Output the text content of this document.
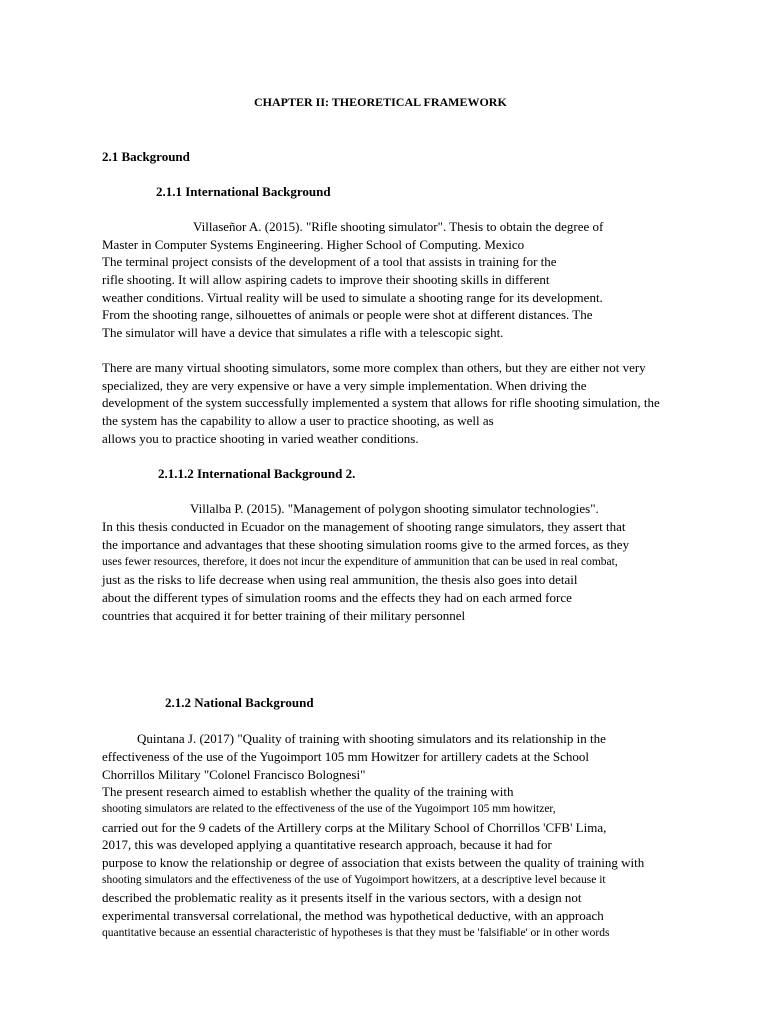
CHAPTER II: THEORETICAL FRAMEWORK
2.1 Background
2.1.1 International Background
Villaseñor A. (2015). "Rifle shooting simulator". Thesis to obtain the degree of
Master in Computer Systems Engineering. Higher School of Computing. Mexico
The terminal project consists of the development of a tool that assists in training for the
rifle shooting. It will allow aspiring cadets to improve their shooting skills in different
weather conditions. Virtual reality will be used to simulate a shooting range for its development.
From the shooting range, silhouettes of animals or people were shot at different distances. The
The simulator will have a device that simulates a rifle with a telescopic sight.
There are many virtual shooting simulators, some more complex than others, but they are either not very
specialized, they are very expensive or have a very simple implementation. When driving the
development of the system successfully implemented a system that allows for rifle shooting simulation, the
the system has the capability to allow a user to practice shooting, as well as
allows you to practice shooting in varied weather conditions.
2.1.1.2 International Background 2.
Villalba P. (2015). "Management of polygon shooting simulator technologies".
In this thesis conducted in Ecuador on the management of shooting range simulators, they assert that
the importance and advantages that these shooting simulation rooms give to the armed forces, as they
uses fewer resources, therefore, it does not incur the expenditure of ammunition that can be used in real combat,
just as the risks to life decrease when using real ammunition, the thesis also goes into detail
about the different types of simulation rooms and the effects they had on each armed force
countries that acquired it for better training of their military personnel
2.1.2 National Background
Quintana J. (2017) "Quality of training with shooting simulators and its relationship in the
effectiveness of the use of the Yugoimport 105 mm Howitzer for artillery cadets at the School
Chorrillos Military "Colonel Francisco Bolognesi"
The present research aimed to establish whether the quality of the training with
shooting simulators are related to the effectiveness of the use of the Yugoimport 105 mm howitzer,
carried out for the 9 cadets of the Artillery corps at the Military School of Chorrillos 'CFB' Lima,
2017, this was developed applying a quantitative research approach, because it had for
purpose to know the relationship or degree of association that exists between the quality of training with
shooting simulators and the effectiveness of the use of Yugoimport howitzers, at a descriptive level because it
described the problematic reality as it presents itself in the various sectors, with a design not
experimental transversal correlational, the method was hypothetical deductive, with an approach
quantitative because an essential characteristic of hypotheses is that they must be 'falsifiable' or in other words
